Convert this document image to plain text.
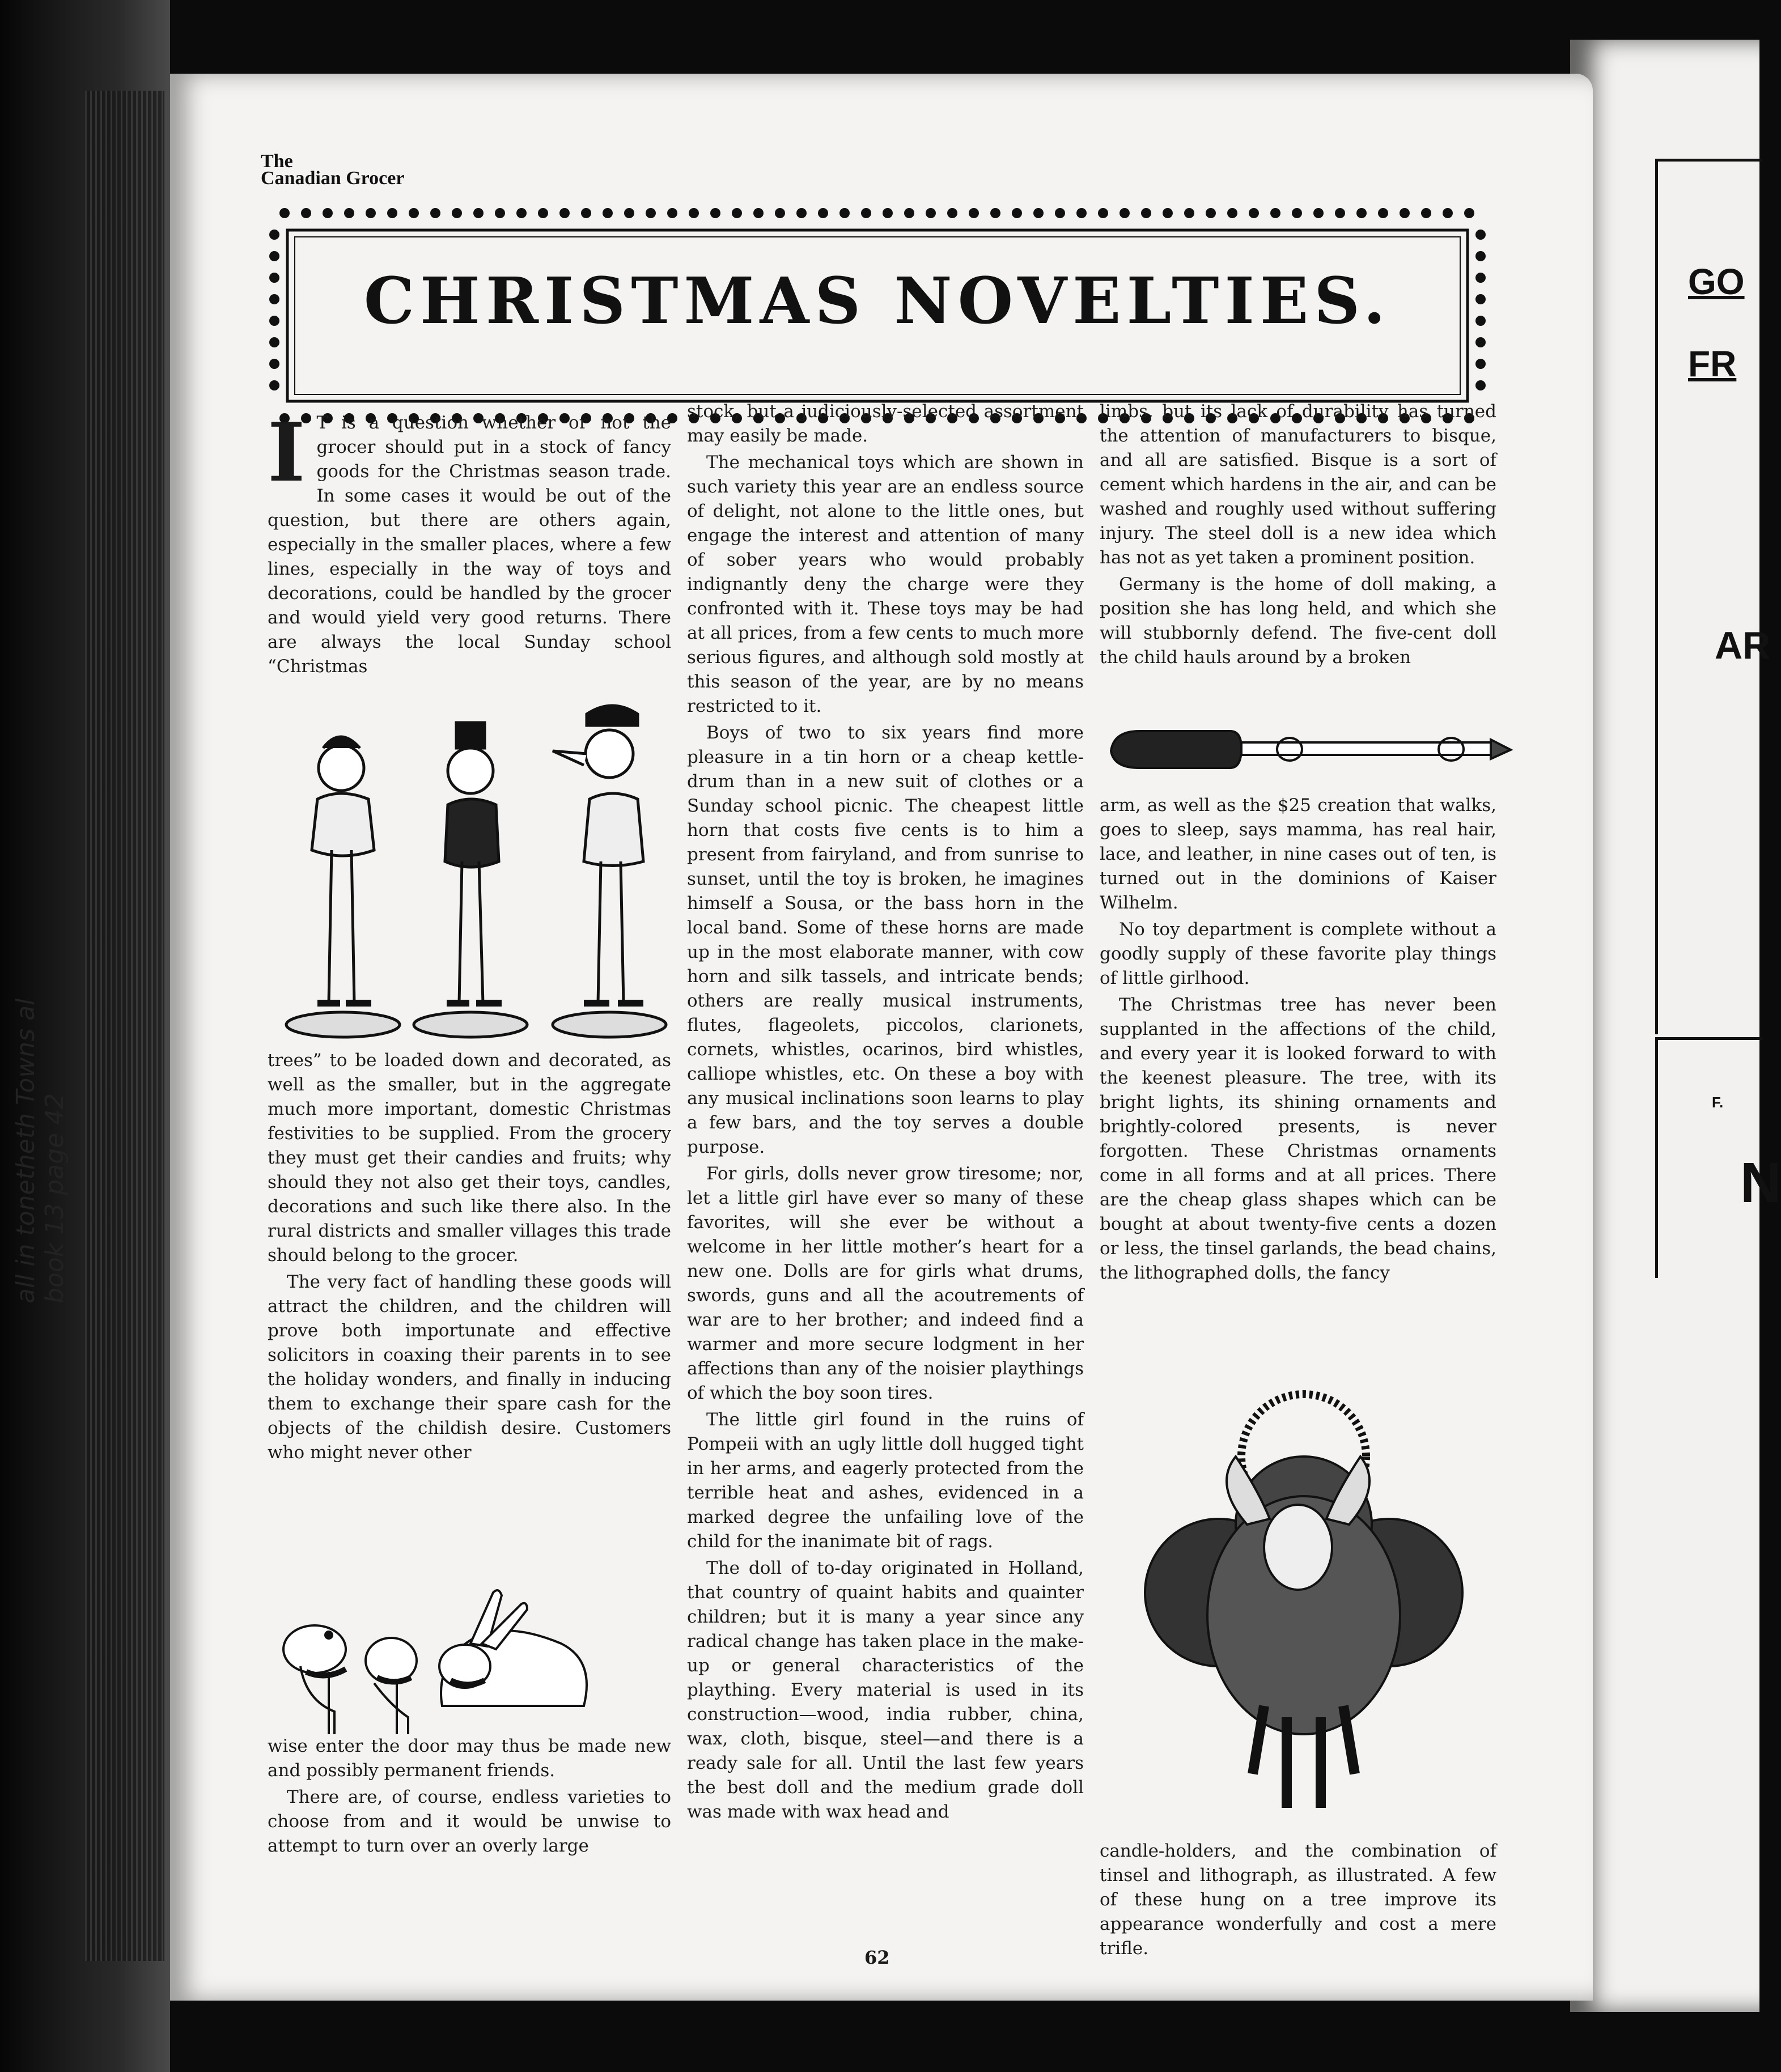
GO
FR
AR
F.
N
The
Canadian Grocer
CHRISTMAS NOVELTIES.

I T is a question whether or not the grocer should put in a stock of fancy goods for the Christmas season trade. In some cases it would be out of the question, but there are others again, especially in the smaller places, where a few lines, especially in the way of toys and decorations, could be handled by the grocer and would yield very good returns. There are always the local Sunday school “Christmas

trees” to be loaded down and decorated, as well as the smaller, but in the aggregate much more important, domestic Christmas festivities to be supplied. From the grocery they must get their candies and fruits; why should they not also get their toys, candles, decorations and such like there also. In the rural districts and smaller villages this trade should belong to the grocer.

The very fact of handling these goods will attract the children, and the children will prove both importunate and effective solicitors in coaxing their parents in to see the holiday wonders, and finally in inducing them to exchange their spare cash for the objects of the childish desire. Customers who might never other

wise enter the door may thus be made new and possibly permanent friends.

There are, of course, endless varieties to choose from and it would be unwise to attempt to turn over an overly large

stock, but a judiciously-selected assortment may easily be made.

The mechanical toys which are shown in such variety this year are an endless source of delight, not alone to the little ones, but engage the interest and attention of many of sober years who would probably indignantly deny the charge were they confronted with it. These toys may be had at all prices, from a few cents to much more serious figures, and although sold mostly at this season of the year, are by no means restricted to it.

Boys of two to six years find more pleasure in a tin horn or a cheap kettle-drum than in a new suit of clothes or a Sunday school picnic. The cheapest little horn that costs five cents is to him a present from fairyland, and from sunrise to sunset, until the toy is broken, he imagines himself a Sousa, or the bass horn in the local band. Some of these horns are made up in the most elaborate manner, with cow horn and silk tassels, and intricate bends; others are really musical instruments, flutes, flageolets, piccolos, clarionets, cornets, whistles, ocarinos, bird whistles, calliope whistles, etc. On these a boy with any musical inclinations soon learns to play a few bars, and the toy serves a double purpose.

For girls, dolls never grow tiresome; nor, let a little girl have ever so many of these favorites, will she ever be without a welcome in her little mother’s heart for a new one. Dolls are for girls what drums, swords, guns and all the acoutrements of war are to her brother; and indeed find a warmer and more secure lodgment in her affections than any of the noisier playthings of which the boy soon tires.

The little girl found in the ruins of Pompeii with an ugly little doll hugged tight in her arms, and eagerly protected from the terrible heat and ashes, evidenced in a marked degree the unfailing love of the child for the inanimate bit of rags.

The doll of to-day originated in Holland, that country of quaint habits and quainter children; but it is many a year since any radical change has taken place in the make-up or general characteristics of the plaything. Every material is used in its construction—wood, india rubber, china, wax, cloth, bisque, steel—and there is a ready sale for all. Until the last few years the best doll and the medium grade doll was made with wax head and

limbs, but its lack of durability has turned the attention of manufacturers to bisque, and all are satisfied. Bisque is a sort of cement which hardens in the air, and can be washed and roughly used without suffering injury. The steel doll is a new idea which has not as yet taken a prominent position.

Germany is the home of doll making, a position she has long held, and which she will stubbornly defend. The five-cent doll the child hauls around by a broken

arm, as well as the $25 creation that walks, goes to sleep, says mamma, has real hair, lace, and leather, in nine cases out of ten, is turned out in the dominions of Kaiser Wilhelm.

No toy department is complete without a goodly supply of these favorite play things of little girlhood.

The Christmas tree has never been supplanted in the affections of the child, and every year it is looked forward to with the keenest pleasure. The tree, with its bright lights, its shining ornaments and brightly-colored presents, is never forgotten. These Christmas ornaments come in all forms and at all prices. There are the cheap glass shapes which can be bought at about twenty-five cents a dozen or less, the tinsel garlands, the bead chains, the lithographed dolls, the fancy

candle-holders, and the combination of tinsel and lithograph, as illustrated. A few of these hung on a tree improve its appearance wonderfully and cost a mere trifle.

62
